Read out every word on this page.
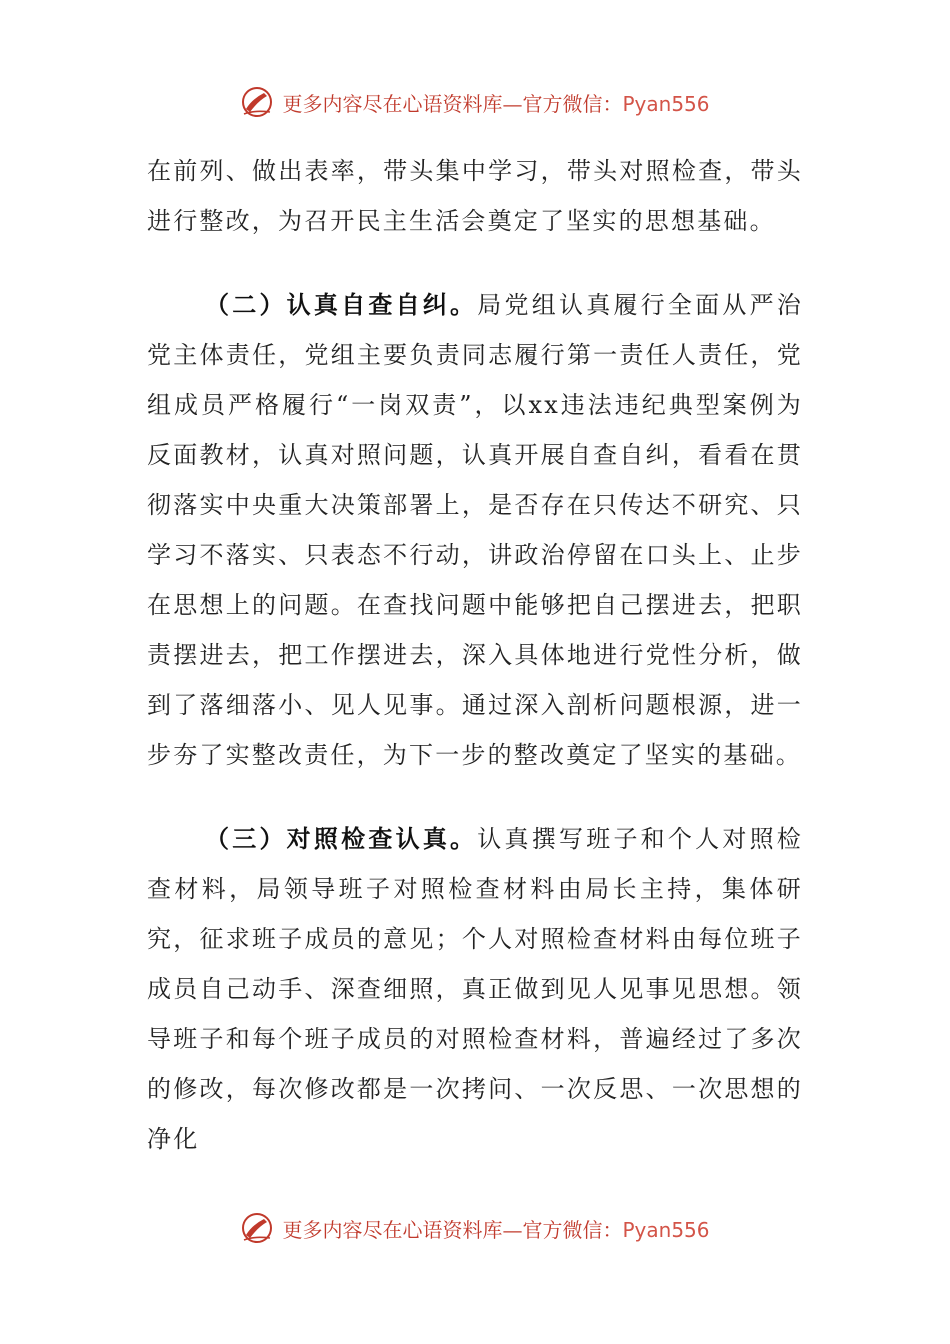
更多内容尽在心语资料库—官方微信：Pyan556

在前列、做出表率，带头集中学习，带头对照检查，带头进行整改，为召开民主生活会奠定了坚实的思想基础。

（二）认真自查自纠。局党组认真履行全面从严治党主体责任，党组主要负责同志履行第一责任人责任，党组成员严格履行“一岗双责”，以xx违法违纪典型案例为反面教材，认真对照问题，认真开展自查自纠，看看在贯彻落实中央重大决策部署上，是否存在只传达不研究、只学习不落实、只表态不行动，讲政治停留在口头上、止步在思想上的问题。在查找问题中能够把自己摆进去，把职责摆进去，把工作摆进去，深入具体地进行党性分析，做到了落细落小、见人见事。通过深入剖析问题根源，进一步夯了实整改责任，为下一步的整改奠定了坚实的基础。

（三）对照检查认真。认真撰写班子和个人对照检查材料，局领导班子对照检查材料由局长主持，集体研究，征求班子成员的意见；个人对照检查材料由每位班子成员自己动手、深查细照，真正做到见人见事见思想。领导班子和每个班子成员的对照检查材料，普遍经过了多次的修改，每次修改都是一次拷问、一次反思、一次思想的净化

更多内容尽在心语资料库—官方微信：Pyan556
